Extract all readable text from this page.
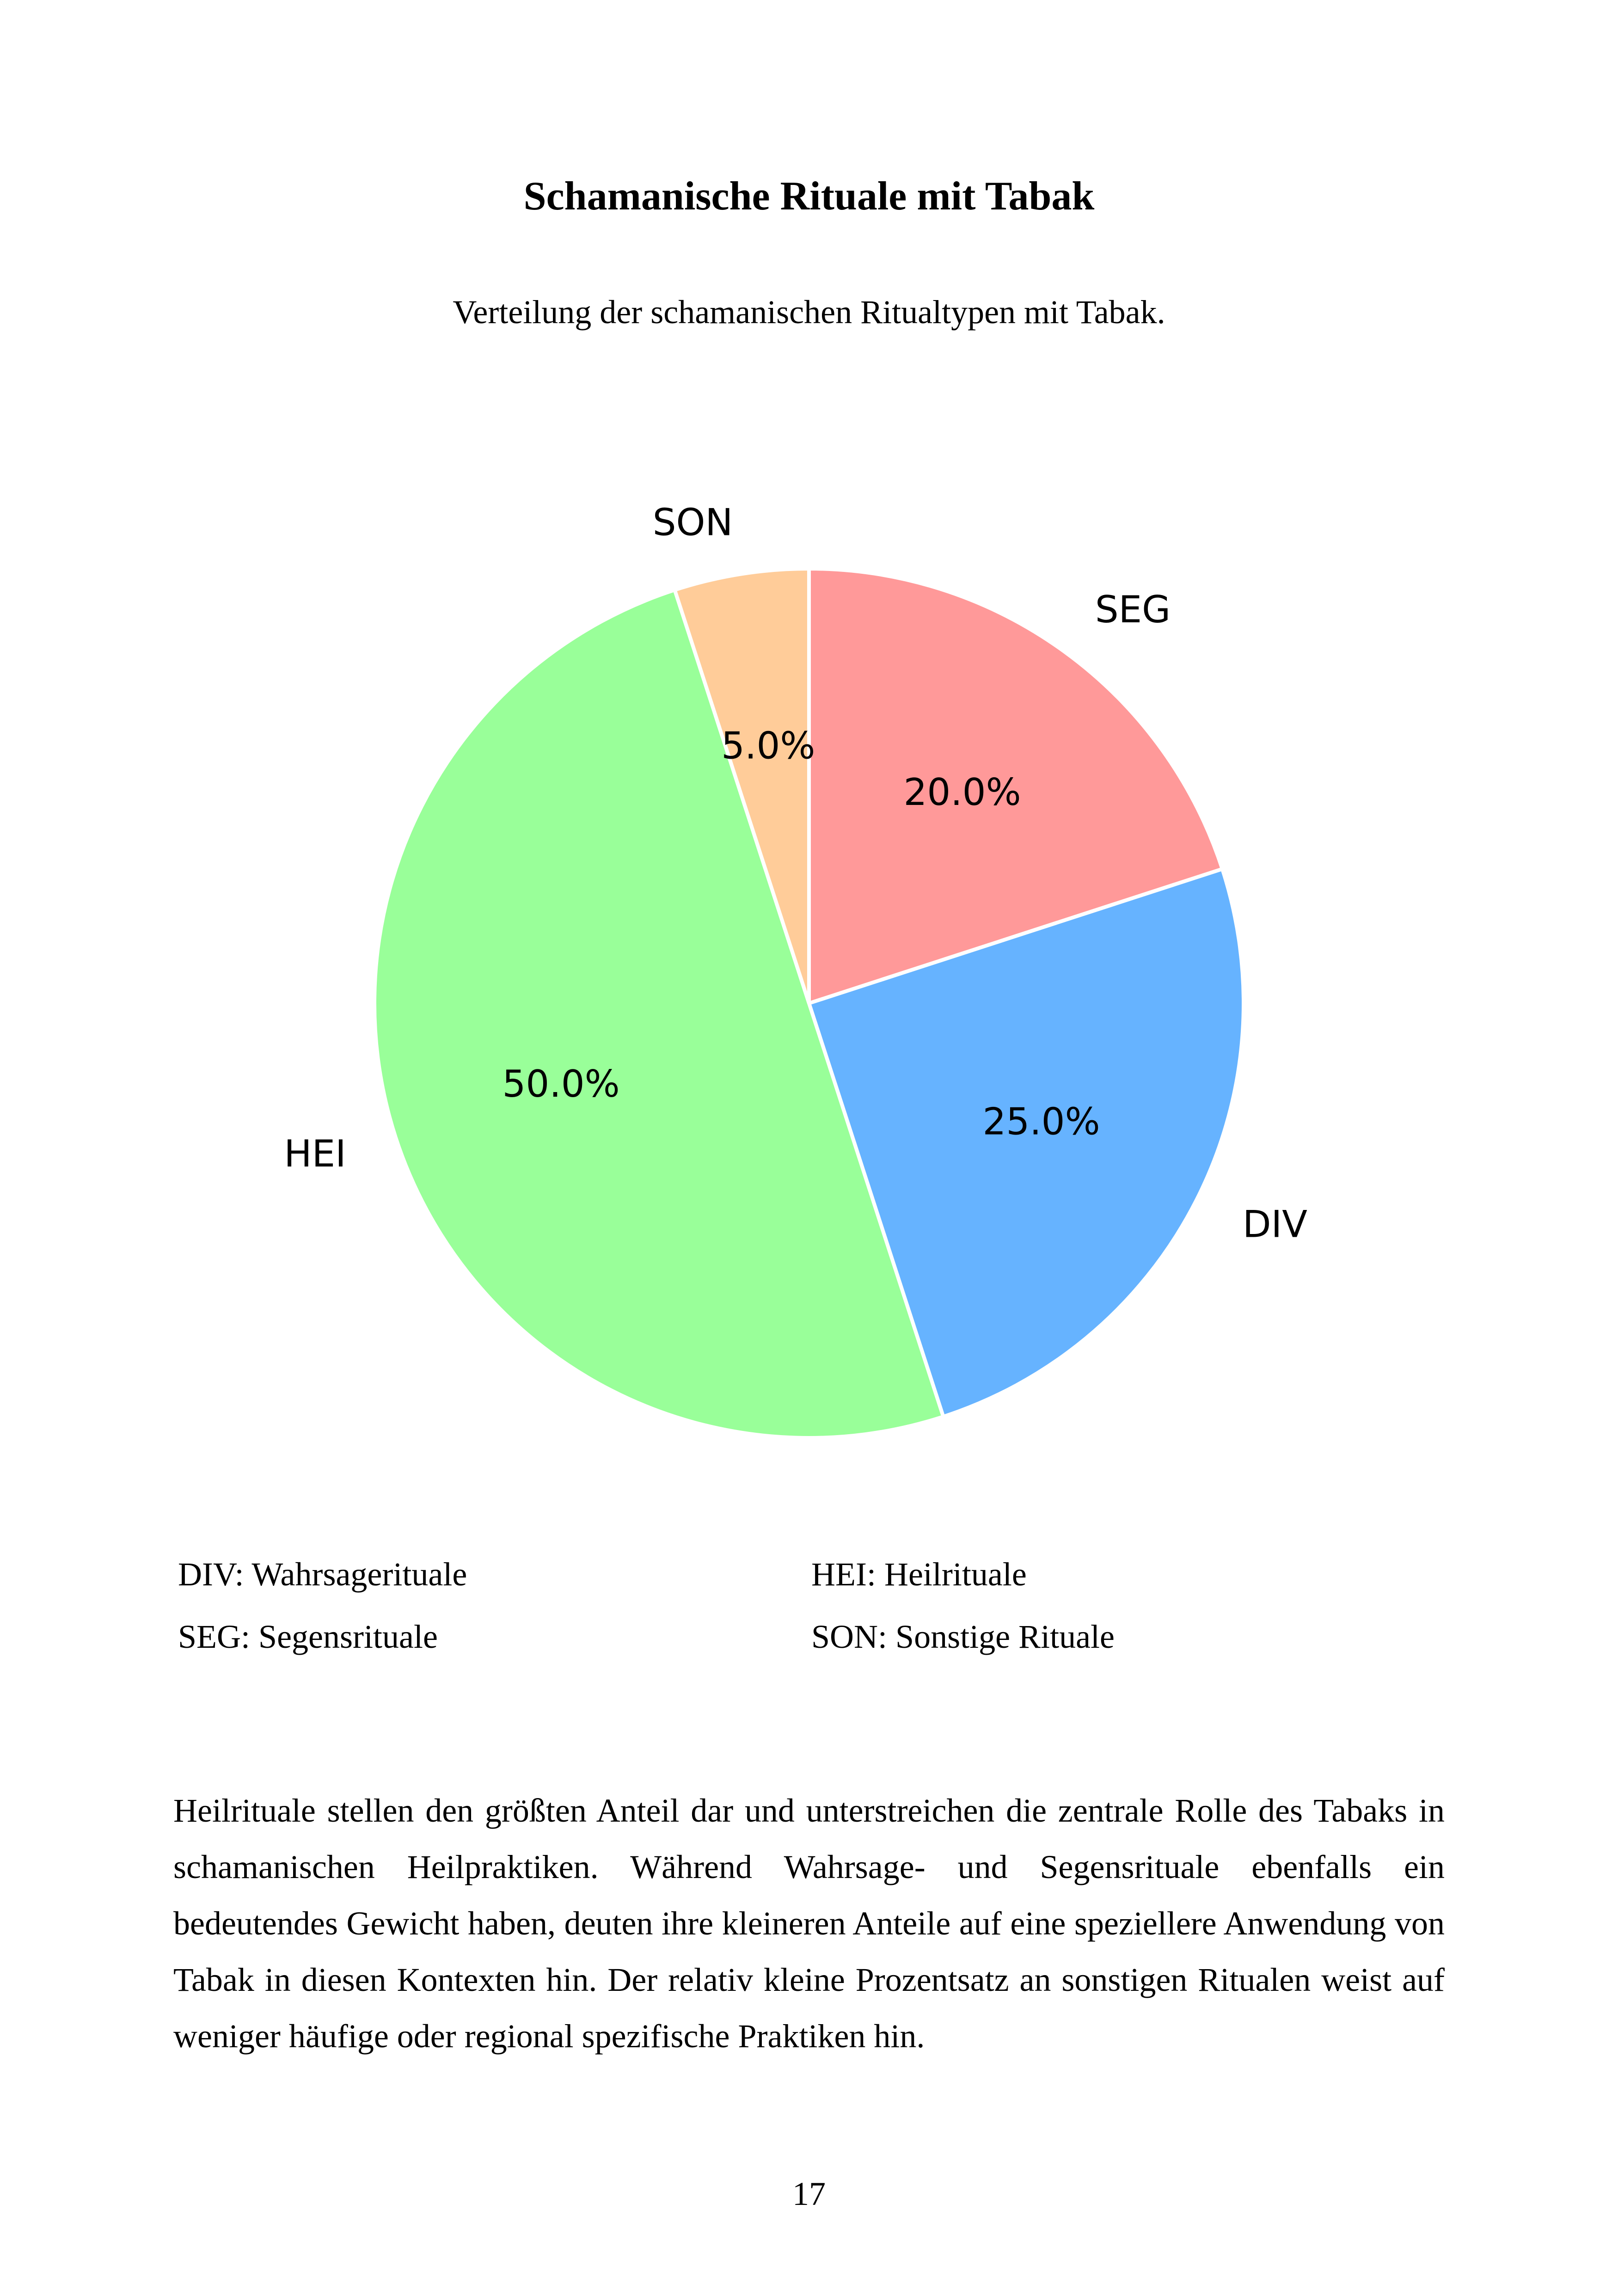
Schamanische Rituale mit Tabak
Verteilung der schamanischen Ritualtypen mit Tabak.
20.0%
SEG
25.0%
DIV
50.0%
HEI
5.0%
SON
DIV: Wahrsagerituale	HEI: Heilrituale
SEG: Segensrituale	SON: Sonstige Rituale

Heilrituale stellen den größten Anteil dar und unterstreichen die zentrale Rolle des Tabaks in schamanischen Heilpraktiken. Während Wahrsage- und Segensrituale ebenfalls ein bedeutendes Gewicht haben, deuten ihre kleineren Anteile auf eine speziellere Anwendung von Tabak in diesen Kontexten hin. Der relativ kleine Prozentsatz an sonstigen Ritualen weist auf weniger häufige oder regional spezifische Praktiken hin.

17
